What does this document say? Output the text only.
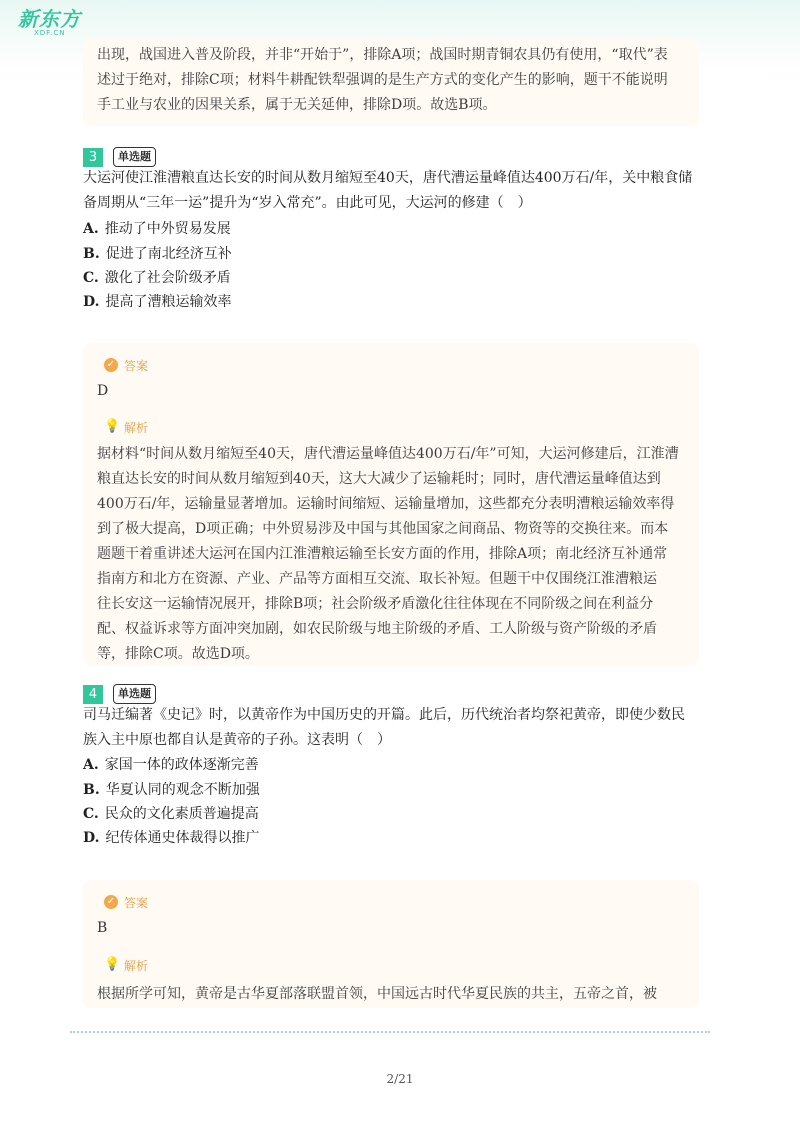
新东方
XDF.CN

出现，战国进入普及阶段，并非“开始于”，排除A项；战国时期青铜农具仍有使用，“取代”表

述过于绝对，排除C项；材料牛耕配铁犁强调的是生产方式的变化产生的影响，题干不能说明

手工业与农业的因果关系，属于无关延伸，排除D项。故选B项。

3	单选题
大运河使江淮漕粮直达长安的时间从数月缩短至40天，唐代漕运量峰值达400万石/年，关中粮食储
备周期从“三年一运”提升为“岁入常充”。由此可见，大运河的修建（　）
A. 推动了中外贸易发展
B. 促进了南北经济互补
C. 激化了社会阶级矛盾
D. 提高了漕粮运输效率
✓ 答案
D
💡 解析

据材料“时间从数月缩短至40天，唐代漕运量峰值达400万石/年”可知，大运河修建后，江淮漕

粮直达长安的时间从数月缩短到40天，这大大减少了运输耗时；同时，唐代漕运量峰值达到

400万石/年，运输量显著增加。运输时间缩短、运输量增加，这些都充分表明漕粮运输效率得

到了极大提高，D项正确；中外贸易涉及中国与其他国家之间商品、物资等的交换往来。而本

题题干着重讲述大运河在国内江淮漕粮运输至长安方面的作用，排除A项；南北经济互补通常

指南方和北方在资源、产业、产品等方面相互交流、取长补短。但题干中仅围绕江淮漕粮运

往长安这一运输情况展开，排除B项；社会阶级矛盾激化往往体现在不同阶级之间在利益分

配、权益诉求等方面冲突加剧，如农民阶级与地主阶级的矛盾、工人阶级与资产阶级的矛盾

等，排除C项。故选D项。

4	单选题
司马迁编著《史记》时，以黄帝作为中国历史的开篇。此后，历代统治者均祭祀黄帝，即使少数民
族入主中原也都自认是黄帝的子孙。这表明（　）
A. 家国一体的政体逐渐完善
B. 华夏认同的观念不断加强
C. 民众的文化素质普遍提高
D. 纪传体通史体裁得以推广
✓ 答案
B
💡 解析

根据所学可知，黄帝是古华夏部落联盟首领，中国远古时代华夏民族的共主，五帝之首，被

2/21
